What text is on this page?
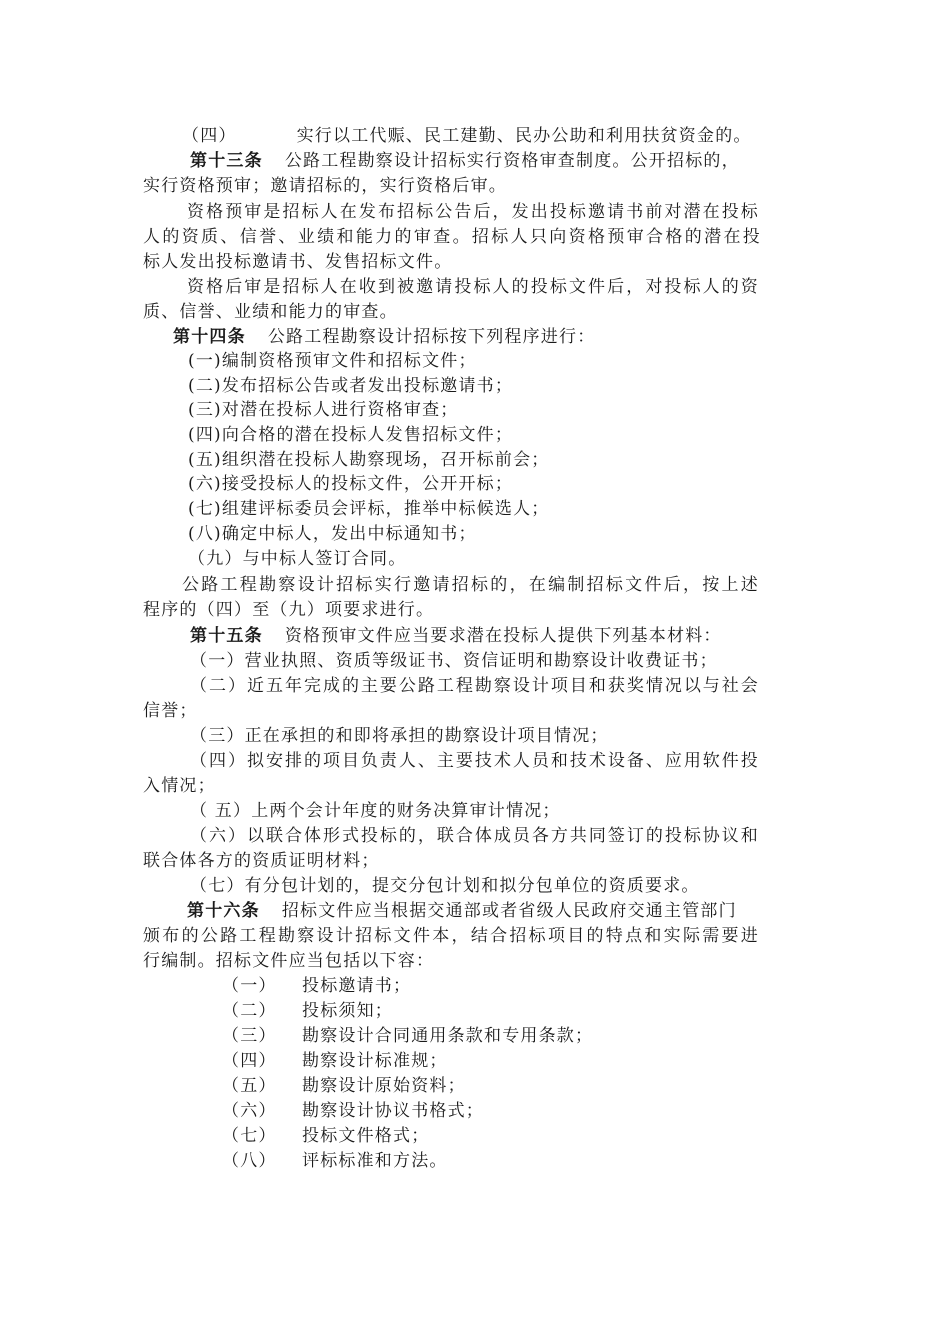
（四）	实行以工代赈、民工建勤、民办公助和利用扶贫资金的。

第十三条 公路工程勘察设计招标实行资格审查制度。公开招标的，

实行资格预审；邀请招标的，实行资格后审。

资格预审是招标人在发布招标公告后，发出投标邀请书前对潜在投标

人的资质、信誉、业绩和能力的审查。招标人只向资格预审合格的潜在投

标人发出投标邀请书、发售招标文件。

资格后审是招标人在收到被邀请投标人的投标文件后，对投标人的资

质、信誉、业绩和能力的审查。

第十四条 公路工程勘察设计招标按下列程序进行：

(一)编制资格预审文件和招标文件；

(二)发布招标公告或者发出投标邀请书；

(三)对潜在投标人进行资格审查；

(四)向合格的潜在投标人发售招标文件；

(五)组织潜在投标人勘察现场，召开标前会；

(六)接受投标人的投标文件，公开开标；

(七)组建评标委员会评标，推举中标候选人；

(八)确定中标人，发出中标通知书；

（九）与中标人签订合同。

公路工程勘察设计招标实行邀请招标的，在编制招标文件后，按上述

程序的（四）至（九）项要求进行。

第十五条 资格预审文件应当要求潜在投标人提供下列基本材料：

（一）营业执照、资质等级证书、资信证明和勘察设计收费证书；

（二）近五年完成的主要公路工程勘察设计项目和获奖情况以与社会

信誉；

（三）正在承担的和即将承担的勘察设计项目情况；

（四）拟安排的项目负责人、主要技术人员和技术设备、应用软件投

入情况；

（ 五）上两个会计年度的财务决算审计情况；

（六）以联合体形式投标的，联合体成员各方共同签订的投标协议和

联合体各方的资质证明材料；

（七）有分包计划的，提交分包计划和拟分包单位的资质要求。

第十六条 招标文件应当根据交通部或者省级人民政府交通主管部门

颁布的公路工程勘察设计招标文件本，结合招标项目的特点和实际需要进

行编制。招标文件应当包括以下容：

（一） 投标邀请书；

（二） 投标须知；

（三） 勘察设计合同通用条款和专用条款；

（四） 勘察设计标准规；

（五） 勘察设计原始资料；

（六） 勘察设计协议书格式；

（七） 投标文件格式；

（八） 评标标准和方法。
